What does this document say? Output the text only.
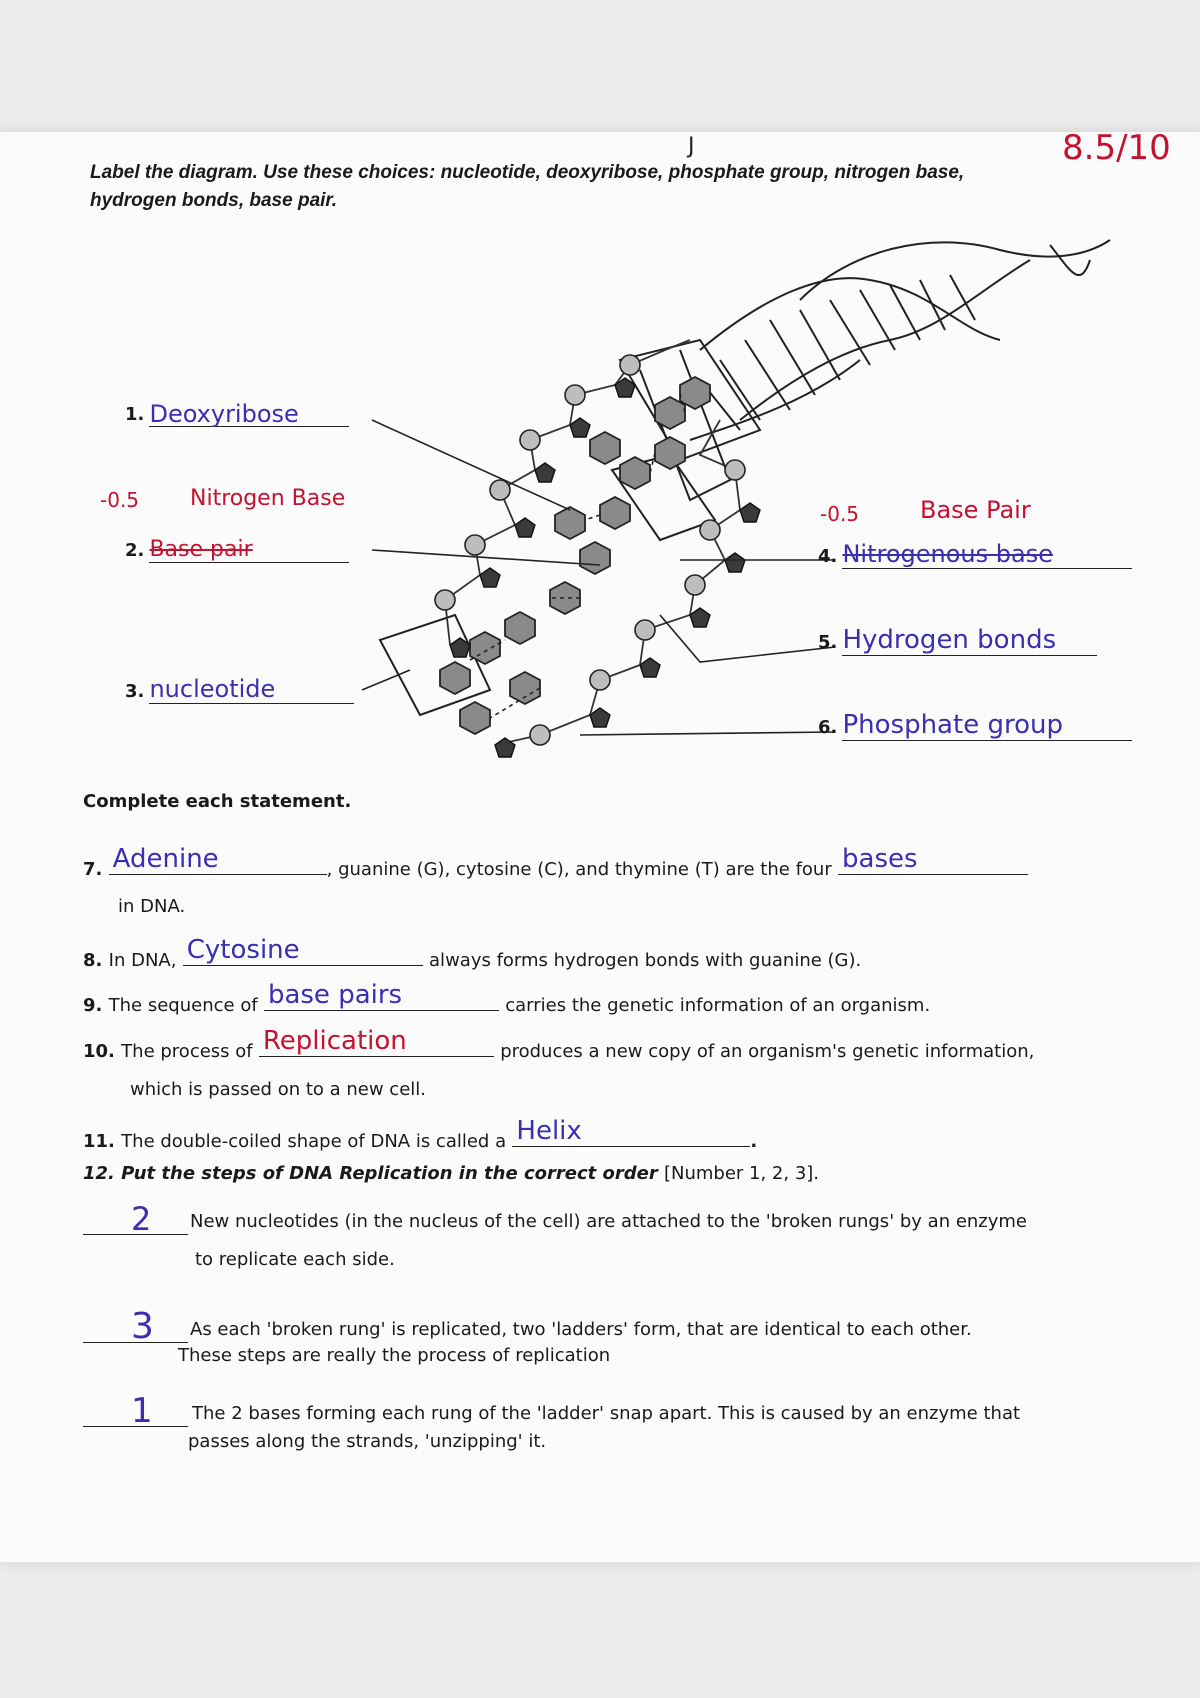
8.5/10
J
Label the diagram. Use these choices: nucleotide, deoxyribose, phosphate group, nitrogen base,
hydrogen bonds, base pair.
1. Deoxyribose
-0.5 Nitrogen Base
2. Base pair
3. nucleotide
-0.5	Base Pair
4. Nitrogenous base
5. Hydrogen bonds
6. Phosphate group
Complete each statement.
7. Adenine	, guanine (G), cytosine (C), and thymine (T) are the four bases
in DNA.
8. In DNA, Cytosine	always forms hydrogen bonds with guanine (G).
9. The sequence of base pairs	carries the genetic information of an organism.
10. The process of Replication	produces a new copy of an organism's genetic information,
which is passed on to a new cell.
11. The double-coiled shape of DNA is called a Helix	.
12. Put the steps of DNA Replication in the correct order [Number 1, 2, 3].
2 New nucleotides (in the nucleus of the cell) are attached to the 'broken rungs' by an enzyme
to replicate each side.
3 As each 'broken rung' is replicated, two 'ladders' form, that are identical to each other.
These steps are really the process of replication
1 The 2 bases forming each rung of the 'ladder' snap apart. This is caused by an enzyme that
passes along the strands, 'unzipping' it.
